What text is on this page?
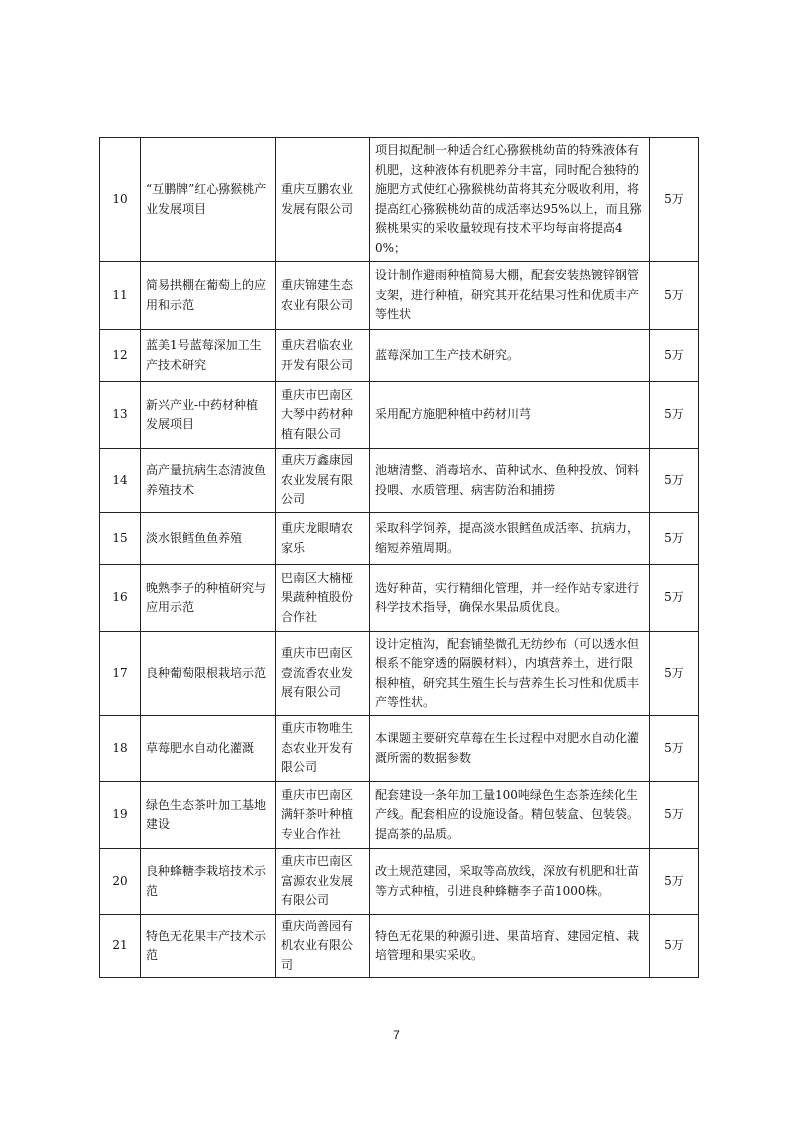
10	“互鹏牌”红心猕猴桃产业发展项目	重庆互鹏农业发展有限公司	项目拟配制一种适合红心猕猴桃幼苗的特殊液体有机肥，这种液体有机肥养分丰富，同时配合独特的施肥方式使红心猕猴桃幼苗将其充分吸收利用，将提高红心猕猴桃幼苗的成活率达95%以上，而且猕猴桃果实的采收量较现有技术平均每亩将提高40%；	5万
11	简易拱棚在葡萄上的应用和示范	重庆锦建生态农业有限公司	设计制作避雨种植简易大棚，配套安装热镀锌钢管支架，进行种植，研究其开花结果习性和优质丰产等性状	5万
12	蓝美1号蓝莓深加工生产技术研究	重庆君临农业开发有限公司	蓝莓深加工生产技术研究。	5万
13	新兴产业-中药材种植发展项目	重庆市巴南区大琴中药材种植有限公司	采用配方施肥种植中药材川芎	5万
14	高产量抗病生态清波鱼养殖技术	重庆万鑫康园农业发展有限公司	池塘清整、消毒培水、苗种试水、鱼种投放、饲料投喂、水质管理、病害防治和捕捞	5万
15	淡水银鳕鱼鱼养殖	重庆龙眼晴农家乐	采取科学饲养，提高淡水银鳕鱼成活率、抗病力，缩短养殖周期。	5万
16	晚熟李子的种植研究与应用示范	巴南区大楠桠果蔬种植股份合作社	选好种苗，实行精细化管理，并一经作站专家进行科学技术指导，确保水果品质优良。	5万
17	良种葡萄限根栽培示范	重庆市巴南区壹流香农业发展有限公司	设计定植沟，配套铺垫微孔无纺纱布（可以透水但根系不能穿透的隔膜材料），内填营养土，进行限根种植，研究其生殖生长与营养生长习性和优质丰产等性状。	5万
18	草莓肥水自动化灌溉	重庆市物唯生态农业开发有限公司	本课题主要研究草莓在生长过程中对肥水自动化灌溉所需的数据参数	5万
19	绿色生态茶叶加工基地建设	重庆市巴南区满轩茶叶种植专业合作社	配套建设一条年加工量100吨绿色生态茶连续化生产线。配套相应的设施设备。精包装盒、包装袋。提高茶的品质。	5万
20	良种蜂糖李栽培技术示范	重庆市巴南区富源农业发展有限公司	改土规范建园，采取等高放线，深放有机肥和壮苗等方式种植，引进良种蜂糖李子苗1000株。	5万
21	特色无花果丰产技术示范	重庆尚善园有机农业有限公司	特色无花果的种源引进、果苗培育、建园定植、栽培管理和果实采收。	5万
7
